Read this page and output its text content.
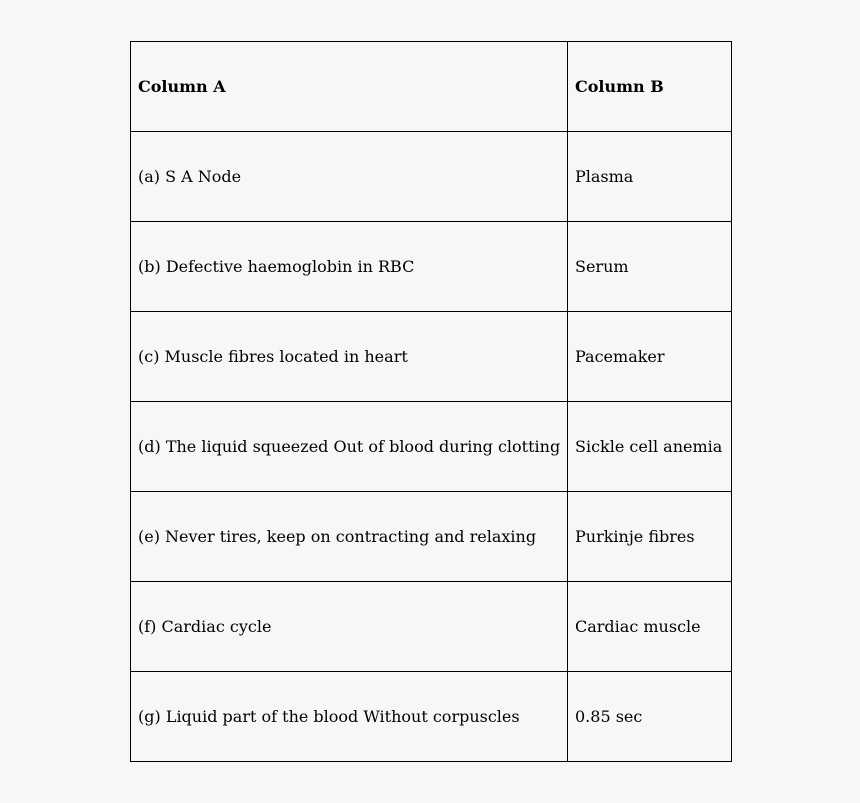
Column A	Column B
(a) S A Node	Plasma
(b) Defective haemoglobin in RBC	Serum
(c) Muscle fibres located in heart	Pacemaker
(d) The liquid squeezed Out of blood during clotting	Sickle cell anemia
(e) Never tires, keep on contracting and relaxing	Purkinje fibres
(f) Cardiac cycle	Cardiac muscle
(g) Liquid part of the blood Without corpuscles	0.85 sec
